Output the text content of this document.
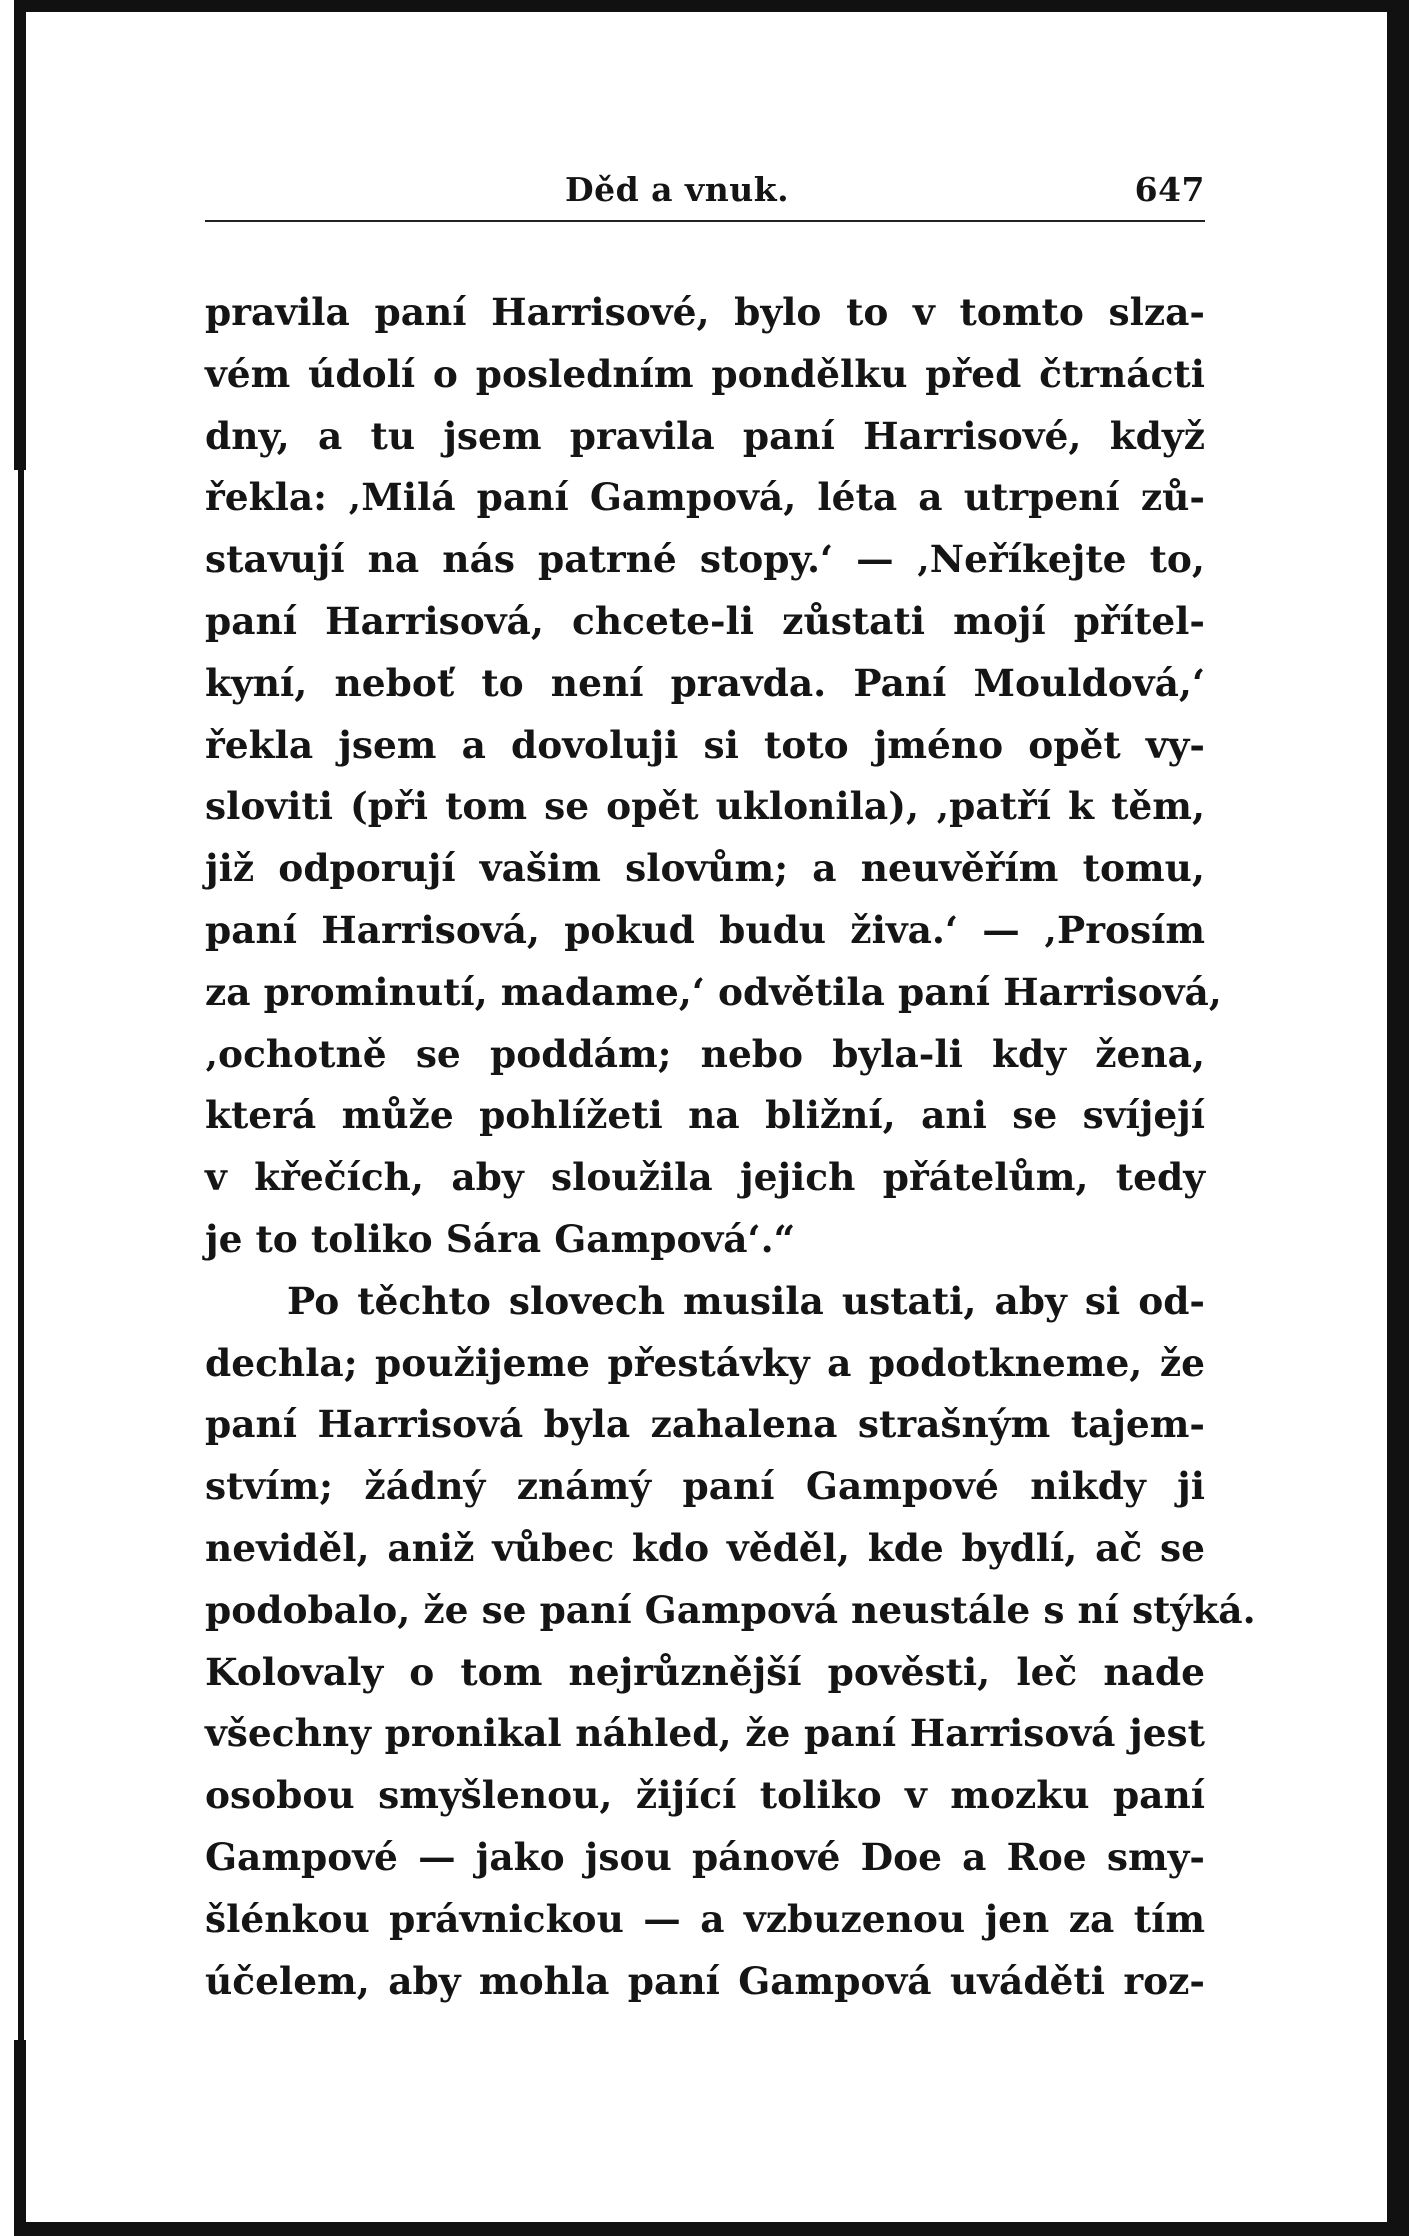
Děd a vnuk.	647
pravila paní Harrisové, bylo to v tomto slza-
vém údolí o posledním pondělku před čtrnácti
dny, a tu jsem pravila paní Harrisové, když
řekla: ‚Milá paní Gampová, léta a utrpení zů-
stavují na nás patrné stopy.‘ — ‚Neříkejte to,
paní Harrisová, chcete-li zůstati mojí přítel-
kyní, neboť to není pravda. Paní Mouldová,‘
řekla jsem a dovoluji si toto jméno opět vy-
sloviti (při tom se opět uklonila), ‚patří k těm,
již odporují vašim slovům; a neuvěřím tomu,
paní Harrisová, pokud budu živa.‘ — ‚Prosím
za prominutí, madame,‘ odvětila paní Harrisová,
‚ochotně se poddám; nebo byla-li kdy žena,
která může pohlížeti na bližní, ani se svíjejí
v křečích, aby sloužila jejich přátelům, tedy
je to toliko Sára Gampová‘.“
Po těchto slovech musila ustati, aby si od-
dechla; použijeme přestávky a podotkneme, že
paní Harrisová byla zahalena strašným tajem-
stvím; žádný známý paní Gampové nikdy ji
neviděl, aniž vůbec kdo věděl, kde bydlí, ač se
podobalo, že se paní Gampová neustále s ní stýká.
Kolovaly o tom nejrůznější pověsti, leč nade
všechny pronikal náhled, že paní Harrisová jest
osobou smyšlenou, žijící toliko v mozku paní
Gampové — jako jsou pánové Doe a Roe smy-
šlénkou právnickou — a vzbuzenou jen za tím
účelem, aby mohla paní Gampová uváděti roz-
